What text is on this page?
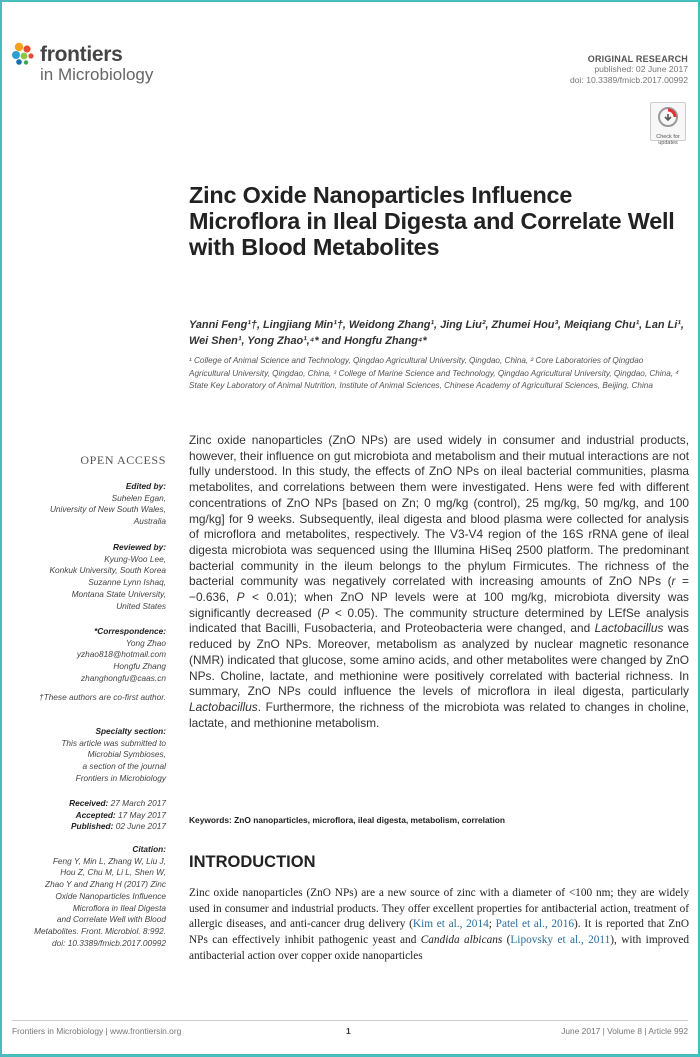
frontiers
in Microbiology
ORIGINAL RESEARCH
published: 02 June 2017
doi: 10.3389/fmicb.2017.00992
Check for updates
Zinc Oxide Nanoparticles Influence Microflora in Ileal Digesta and Correlate Well with Blood Metabolites
Yanni Feng¹†, Lingjiang Min¹†, Weidong Zhang¹, Jing Liu², Zhumei Hou³, Meiqiang Chu¹, Lan Li¹, Wei Shen¹, Yong Zhao¹,⁴* and Hongfu Zhang⁴*
¹ College of Animal Science and Technology, Qingdao Agricultural University, Qingdao, China, ² Core Laboratories of Qingdao Agricultural University, Qingdao, China, ³ College of Marine Science and Technology, Qingdao Agricultural University, Qingdao, China, ⁴ State Key Laboratory of Animal Nutrition, Institute of Animal Sciences, Chinese Academy of Agricultural Sciences, Beijing, China
OPEN ACCESS
Edited by:
Suhelen Egan,
University of New South Wales,
Australia
Reviewed by:
Kyung-Woo Lee,
Konkuk University, South Korea
Suzanne Lynn Ishaq,
Montana State University,
United States
*Correspondence:
Yong Zhao
yzhao818@hotmail.com
Hongfu Zhang
zhanghongfu@caas.cn
†These authors are co-first author.
Specialty section:
This article was submitted to
Microbial Symbioses,
a section of the journal
Frontiers in Microbiology
Received: 27 March 2017
Accepted: 17 May 2017
Published: 02 June 2017
Citation:
Feng Y, Min L, Zhang W, Liu J,
Hou Z, Chu M, Li L, Shen W,
Zhao Y and Zhang H (2017) Zinc
Oxide Nanoparticles Influence
Microflora in Ileal Digesta
and Correlate Well with Blood
Metabolites. Front. Microbiol. 8:992.
doi: 10.3389/fmicb.2017.00992
Zinc oxide nanoparticles (ZnO NPs) are used widely in consumer and industrial products, however, their influence on gut microbiota and metabolism and their mutual interactions are not fully understood. In this study, the effects of ZnO NPs on ileal bacterial communities, plasma metabolites, and correlations between them were investigated. Hens were fed with different concentrations of ZnO NPs [based on Zn; 0 mg/kg (control), 25 mg/kg, 50 mg/kg, and 100 mg/kg] for 9 weeks. Subsequently, ileal digesta and blood plasma were collected for analysis of microflora and metabolites, respectively. The V3-V4 region of the 16S rRNA gene of ileal digesta microbiota was sequenced using the Illumina HiSeq 2500 platform. The predominant bacterial community in the ileum belongs to the phylum Firmicutes. The richness of the bacterial community was negatively correlated with increasing amounts of ZnO NPs (r = −0.636, P < 0.01); when ZnO NP levels were at 100 mg/kg, microbiota diversity was significantly decreased (P < 0.05). The community structure determined by LEfSe analysis indicated that Bacilli, Fusobacteria, and Proteobacteria were changed, and Lactobacillus was reduced by ZnO NPs. Moreover, metabolism as analyzed by nuclear magnetic resonance (NMR) indicated that glucose, some amino acids, and other metabolites were changed by ZnO NPs. Choline, lactate, and methionine were positively correlated with bacterial richness. In summary, ZnO NPs could influence the levels of microflora in ileal digesta, particularly Lactobacillus. Furthermore, the richness of the microbiota was related to changes in choline, lactate, and methionine metabolism.
Keywords: ZnO nanoparticles, microflora, ileal digesta, metabolism, correlation
INTRODUCTION
Zinc oxide nanoparticles (ZnO NPs) are a new source of zinc with a diameter of <100 nm; they are widely used in consumer and industrial products. They offer excellent properties for antibacterial action, treatment of allergic diseases, and anti-cancer drug delivery (Kim et al., 2014; Patel et al., 2016). It is reported that ZnO NPs can effectively inhibit pathogenic yeast and Candida albicans (Lipovsky et al., 2011), with improved antibacterial action over copper oxide nanoparticles
Frontiers in Microbiology | www.frontiersin.org	1	June 2017 | Volume 8 | Article 992
